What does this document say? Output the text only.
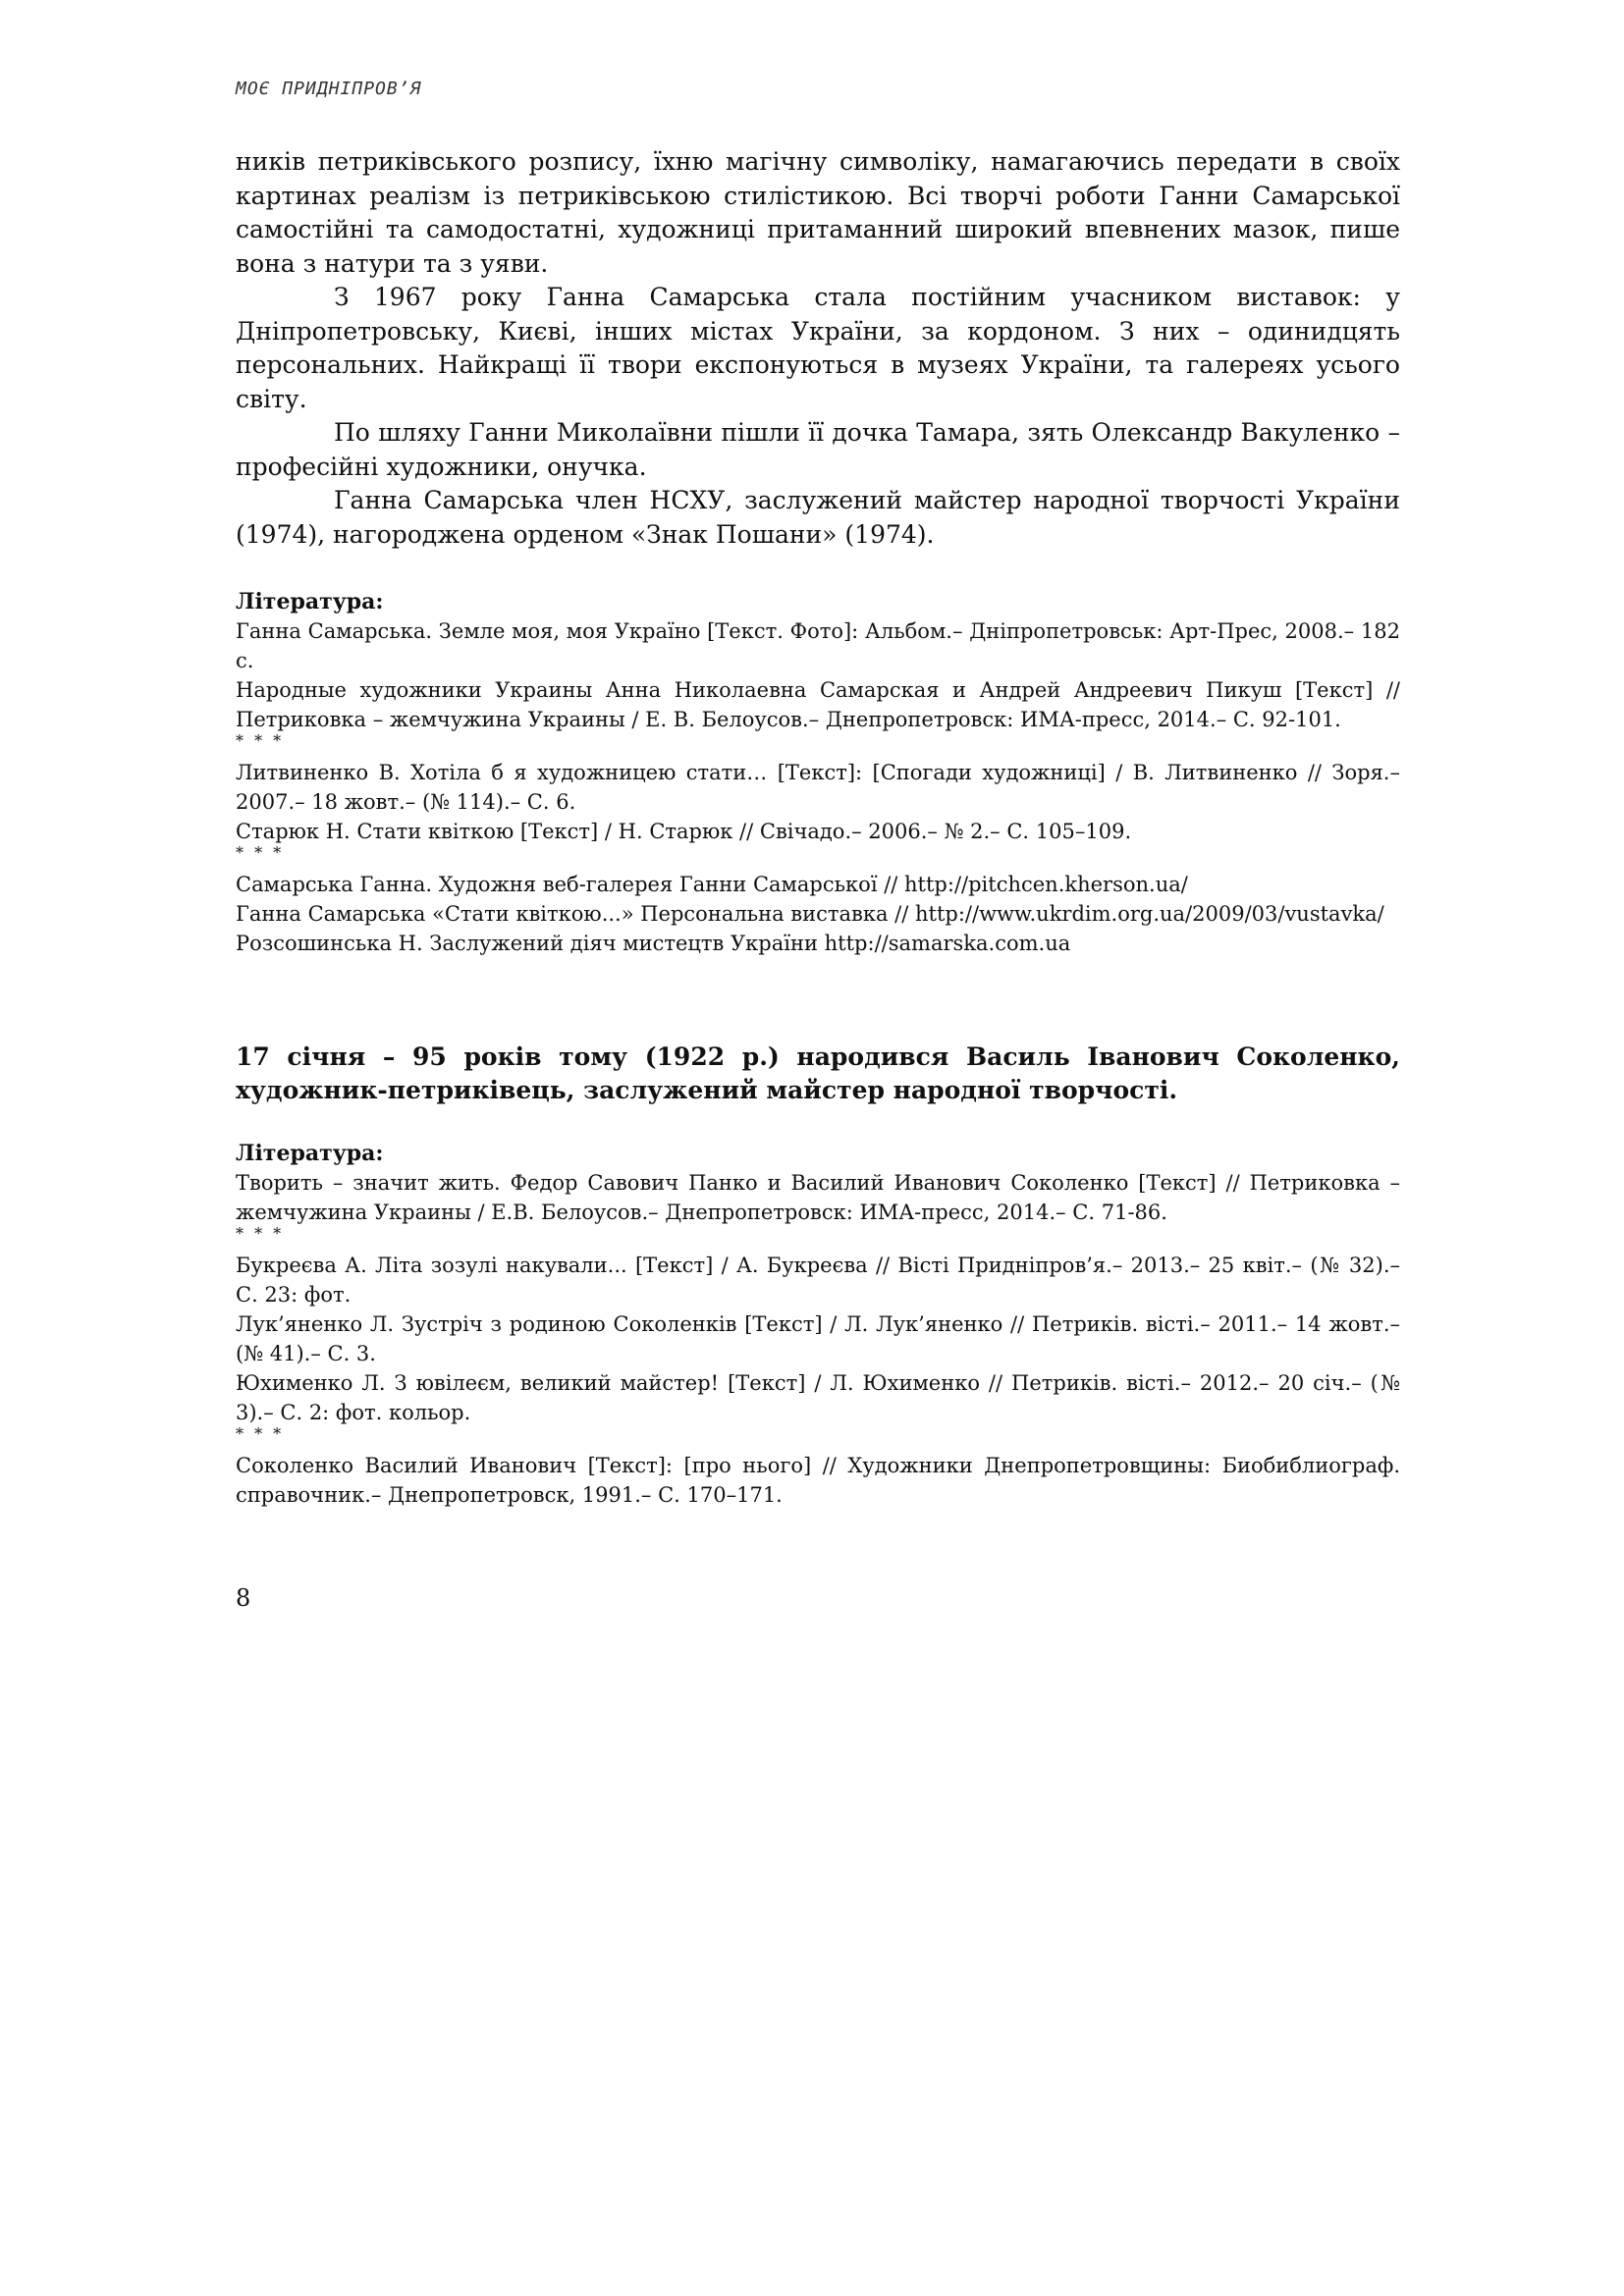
МОЄ ПРИДНІПРОВ’Я

ників петриківського розпису, їхню магічну символіку, намагаючись передати в своїх картинах реалізм із петриківською стилістикою. Всі творчі роботи Ганни Самарської самостійні та самодостатні, художниці притаманний широкий впевнених мазок, пише вона з натури та з уяви.

З 1967 року Ганна Самарська стала постійним учасником виставок: у Дніпропетровську, Києві, інших містах України, за кордоном. З них – одинидцять персональних. Найкращі її твори експонуються в музеях України, та галереях усього світу.

По шляху Ганни Миколаївни пішли її дочка Тамара, зять Олександр Вакуленко – професійні художники, онучка.

Ганна Самарська член НСХУ, заслужений майстер народної творчості України (1974), нагороджена орденом «Знак Пошани» (1974).

Література:

Ганна Самарська. Земле моя, моя Україно [Текст. Фото]: Альбом.– Дніпропетровськ: Арт-Прес, 2008.– 182 с.

Народные художники Украины Анна Николаевна Самарская и Андрей Андреевич Пикуш [Текст] // Петриковка – жемчужина Украины / Е. В. Белоусов.– Днепропетровск: ИМА-пресс, 2014.– С. 92-101.

* * *

Литвиненко В. Хотіла б я художницею стати… [Текст]: [Спогади художниці] / В. Литвиненко // Зоря.– 2007.– 18 жовт.– (№ 114).– С. 6.

Старюк Н. Стати квіткою [Текст] / Н. Старюк // Свічадо.– 2006.– № 2.– С. 105–109.

* * *

Самарська Ганна. Художня веб-галерея Ганни Самарської // http://pitchcen.kherson.ua/

Ганна Самарська «Стати квіткою...» Персональна виставка // http://www.ukrdim.org.ua/2009/03/vustavka/

Розсошинська Н. Заслужений діяч мистецтв України http://samarska.com.ua

17 січня – 95 років тому (1922 р.) народився Василь Іванович Соколенко, художник-петриківець, заслужений майстер народної творчості.

Література:

Творить – значит жить. Федор Савович Панко и Василий Иванович Соколенко [Текст] // Петриковка – жемчужина Украины / Е.В. Белоусов.– Днепропетровск: ИМА-пресс, 2014.– С. 71-86.

* * *

Букреєва А. Літа зозулі накували... [Текст] / А. Букреєва // Вісті Придніпров’я.– 2013.– 25 квіт.– (№ 32).– С. 23: фот.

Лук’яненко Л. Зустріч з родиною Соколенків [Текст] / Л. Лук’яненко // Петриків. вісті.– 2011.– 14 жовт.– (№ 41).– С. 3.

Юхименко Л. З ювілеєм, великий майстер! [Текст] / Л. Юхименко // Петриків. вісті.– 2012.– 20 січ.– (№ 3).– С. 2: фот. кольор.

* * *

Соколенко Василий Иванович [Текст]: [про нього] // Художники Днепропетровщины: Биобиблиограф. справочник.– Днепропетровск, 1991.– С. 170–171.

8
